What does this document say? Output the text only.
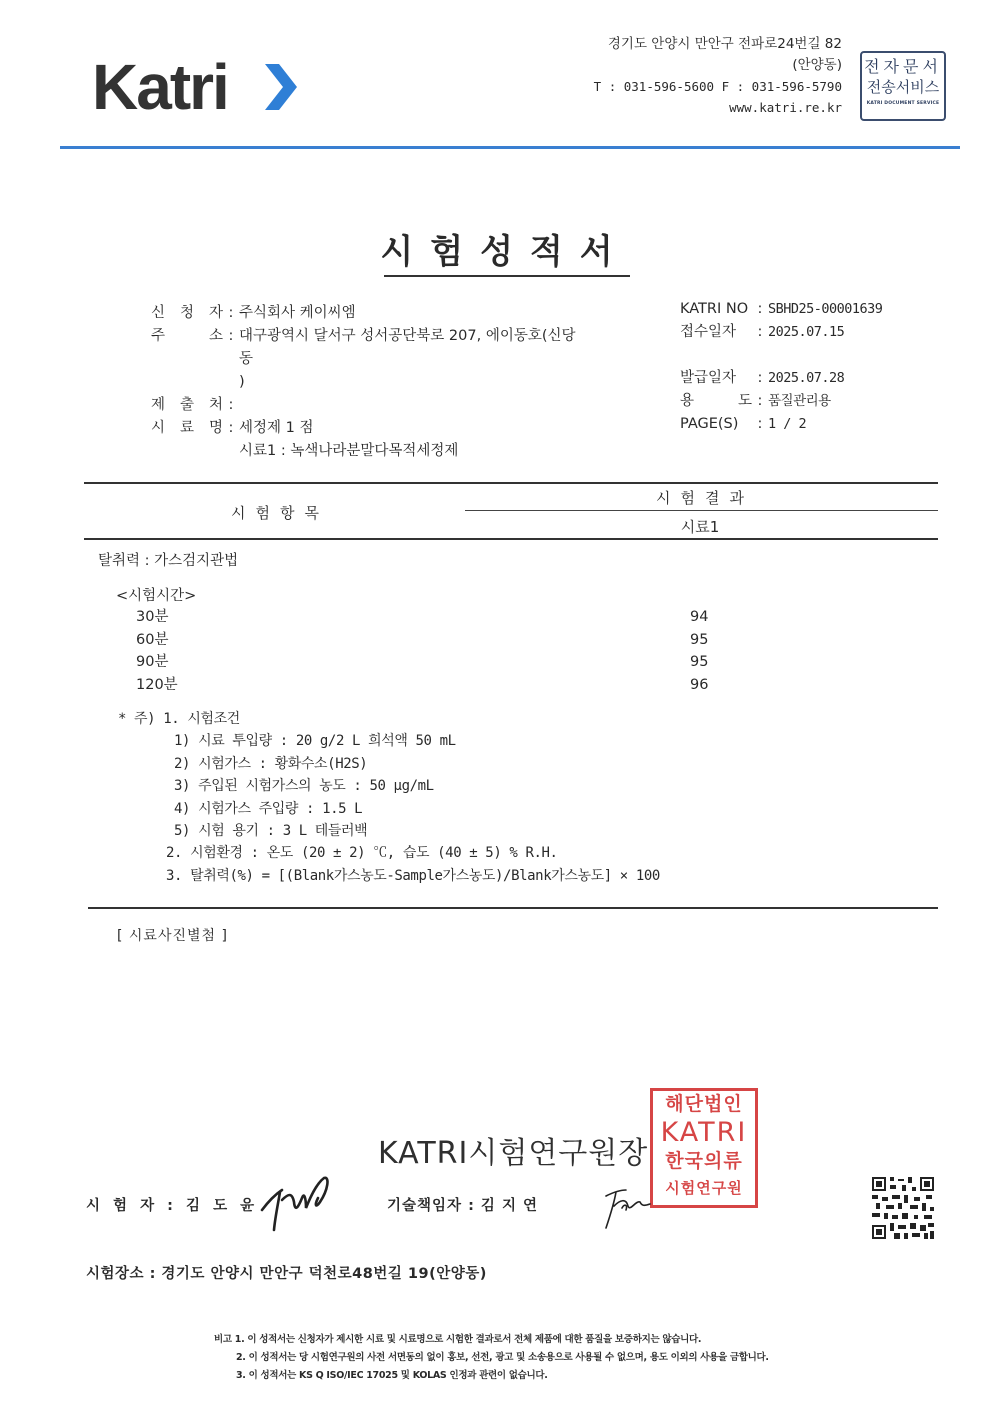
Katri
경기도 안양시 만안구 전파로24번길 82
(안양동)
T : 031-596-5600 F : 031-596-5790
www.katri.re.kr
전자문서
전송서비스
KATRI DOCUMENT SERVICE
시험성적서
신 청 자 : 주식회사 케이씨엠
주	소 : 대구광역시 달서구 성서공단북로 207, 에이동호(신당
동
)
제 출 처 :
시 료 명 : 세정제 1 점
시료1 : 녹색나라분말다목적세정제
KATRI NO : SBHD25-00001639
접수일자	: 2025.07.15
발급일자	: 2025.07.28
용	도 : 품질관리용
PAGE(S)	: 1 / 2
시험항목
시험결과
시료1
탈취력 : 가스검지관법
<시험시간>
30분	94
60분	95
90분	95
120분	96
* 주) 1. 시험조건
1) 시료 투입량 : 20 g/2 L 희석액 50 mL
2) 시험가스 : 황화수소(H2S)
3) 주입된 시험가스의 농도 : 50 μg/mL
4) 시험가스 주입량 : 1.5 L
5) 시험 용기 : 3 L 테들러백
2. 시험환경 : 온도 (20 ± 2) ℃, 습도 (40 ± 5) % R.H.
3. 탈취력(%) = [(Blank가스농도-Sample가스농도)/Blank가스농도] × 100
[ 시료사진별첨 ]
KATRI시험연구원장
해단법인
KATRI
한국의류
시험연구원
시 험 자 : 김 도 윤	기술책임자 : 김 지 연
시험장소 : 경기도 안양시 만안구 덕천로48번길 19(안양동)
비고 1. 이 성적서는 신청자가 제시한 시료 및 시료명으로 시험한 결과로서 전체 제품에 대한 품질을 보증하지는 않습니다.
2. 이 성적서는 당 시험연구원의 사전 서면동의 없이 홍보, 선전, 광고 및 소송용으로 사용될 수 없으며, 용도 이외의 사용을 금합니다.
3. 이 성적서는 KS Q ISO/IEC 17025 및 KOLAS 인정과 관련이 없습니다.
